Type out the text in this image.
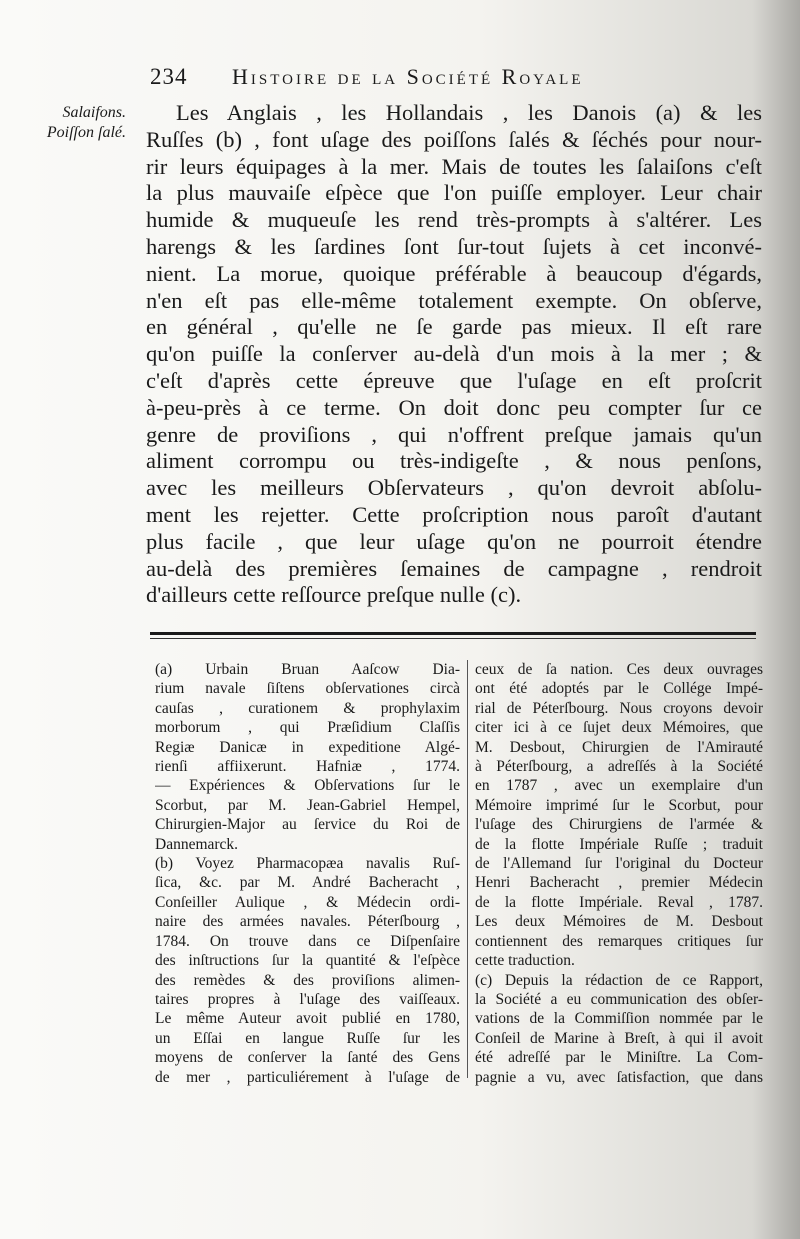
234 Histoire de la Société Royale
Salaifons.
Poiſſon ſalé.
Les Anglais , les Hollandais , les Danois (a) & les
Ruſſes (b) , font uſage des poiſſons ſalés & ſéchés pour nour-
rir leurs équipages à la mer. Mais de toutes les ſalaiſons c'eſt
la plus mauvaiſe eſpèce que l'on puiſſe employer. Leur chair
humide & muqueuſe les rend très-prompts à s'altérer. Les
harengs & les ſardines ſont ſur-tout ſujets à cet inconvé-
nient. La morue, quoique préférable à beaucoup d'égards,
n'en eſt pas elle-même totalement exempte. On obſerve,
en général , qu'elle ne ſe garde pas mieux. Il eſt rare
qu'on puiſſe la conſerver au-delà d'un mois à la mer ; &
c'eſt d'après cette épreuve que l'uſage en eſt proſcrit
à-peu-près à ce terme. On doit donc peu compter ſur ce
genre de proviſions , qui n'offrent preſque jamais qu'un
aliment corrompu ou très-indigeſte , & nous penſons,
avec les meilleurs Obſervateurs , qu'on devroit abſolu-
ment les rejetter. Cette proſcription nous paroît d'autant
plus facile , que leur uſage qu'on ne pourroit étendre
au-delà des premières ſemaines de campagne , rendroit
d'ailleurs cette reſſource preſque nulle (c).
(a) Urbain Bruan Aaſcow Dia-
rium navale ſiſtens obſervationes circà
cauſas , curationem & prophylaxim
morborum , qui Præſidium Claſſis
Regiæ Danicæ in expeditione Algé-
rienſi affiixerunt. Hafniæ , 1774.
— Expériences & Obſervations ſur le
Scorbut, par M. Jean-Gabriel Hempel,
Chirurgien-Major au ſervice du Roi de
Dannemarck.
(b) Voyez Pharmacopæa navalis Ruſ-
ſica, &c. par M. André Bacheracht ,
Conſeiller Aulique , & Médecin ordi-
naire des armées navales. Péterſbourg ,
1784. On trouve dans ce Diſpenſaire
des inſtructions ſur la quantité & l'eſpèce
des remèdes & des proviſions alimen-
taires propres à l'uſage des vaiſſeaux.
Le même Auteur avoit publié en 1780,
un Eſſai en langue Ruſſe ſur les
moyens de conſerver la ſanté des Gens
de mer , particuliérement à l'uſage de
ceux de ſa nation. Ces deux ouvrages
ont été adoptés par le Collége Impé-
rial de Péterſbourg. Nous croyons devoir
citer ici à ce ſujet deux Mémoires, que
M. Desbout, Chirurgien de l'Amirauté
à Péterſbourg, a adreſſés à la Société
en 1787 , avec un exemplaire d'un
Mémoire imprimé ſur le Scorbut, pour
l'uſage des Chirurgiens de l'armée &
de la flotte Impériale Ruſſe ; traduit
de l'Allemand ſur l'original du Docteur
Henri Bacheracht , premier Médecin
de la flotte Impériale. Reval , 1787.
Les deux Mémoires de M. Desbout
contiennent des remarques critiques ſur
cette traduction.
(c) Depuis la rédaction de ce Rapport,
la Société a eu communication des obſer-
vations de la Commiſſion nommée par le
Conſeil de Marine à Breſt, à qui il avoit
été adreſſé par le Miniſtre. La Com-
pagnie a vu, avec ſatisfaction, que dans
